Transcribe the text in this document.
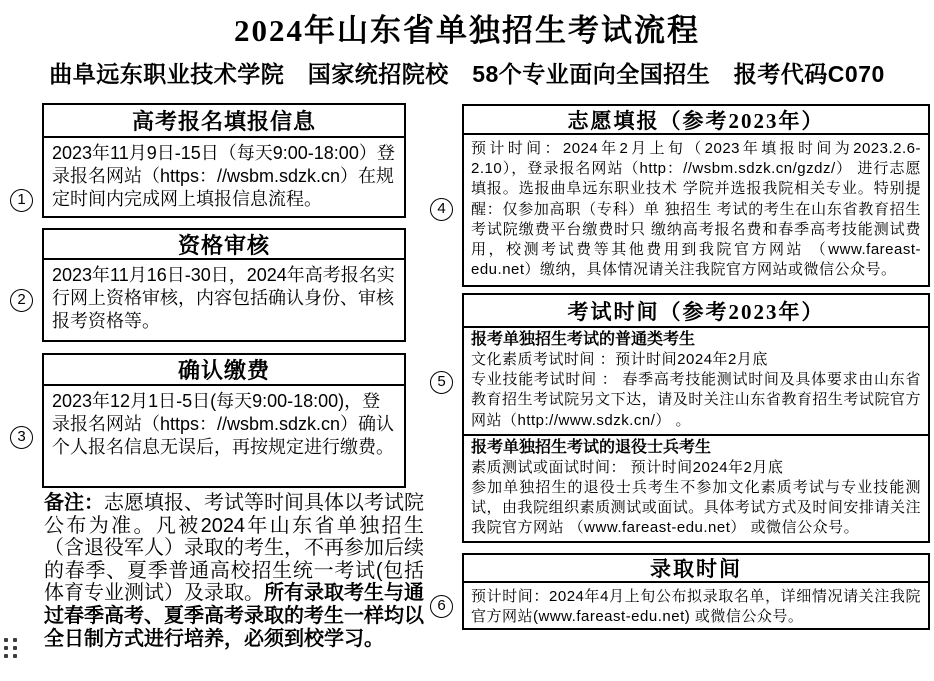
2024年山东省单独招生考试流程
曲阜远东职业技术学院　国家统招院校　58个专业面向全国招生　报考代码C070
1
2
3
4
5
6
高考报名填报信息
2023年11月9日-15日（每天9:00-18:00）登录报名网站（https：//wsbm.sdzk.cn）在规定时间内完成网上填报信息流程。
资格审核
2023年11月16日-30日，2024年高考报名实行网上资格审核，内容包括确认身份、审核报考资格等。
确认缴费
2023年12月1日-5日(每天9:00-18:00)，登录报名网站（https：//wsbm.sdzk.cn）确认个人报名信息无误后，再按规定进行缴费。

备注：志愿填报、考试等时间具体以考试院公布为准。凡被2024年山东省单独招生（含退役军人）录取的考生，不再参加后续的春季、夏季普通高校招生统一考试(包括体育专业测试）及录取。所有录取考生与通过春季高考、夏季高考录取的考生一样均以全日制方式进行培养，必须到校学习。

志愿填报（参考2023年）
预计时间：2024年2月上旬（2023年填报时间为2023.2.6-2.10），登录报名网站（http：//wsbm.sdzk.cn/gzdz/） 进行志愿填报。选报曲阜远东职业技术 学院并选报我院相关专业。特别提醒：仅参加高职（专科）单 独招生 考试的考生在山东省教育招生考试院缴费平台缴费时只 缴纳高考报名费和春季高考技能测试费用，校测考试费等其他费用到我院官方网站 （www.fareast-edu.net）缴纳，具体情况请关注我院官方网站或微信公众号。
考试时间（参考2023年）
报考单独招生考试的普通类考生
文化素质考试时间 ：预计时间2024年2月底
专业技能考试时间 ： 春季高考技能测试时间及具体要求由山东省教育招生考试院另文下达，请及时关注山东省教育招生考试院官方网站（http://www.sdzk.cn/） 。
报考单独招生考试的退役士兵考生
素质测试或面试时间： 预计时间2024年2月底
参加单独招生的退役士兵考生不参加文化素质考试与专业技能测试，由我院组织素质测试或面试。具体考试方式及时间安排请关注我院官方网站 （www.fareast-edu.net） 或微信公众号。
录取时间
预计时间：2024年4月上旬公布拟录取名单，详细情况请关注我院官方网站(www.fareast-edu.net) 或微信公众号。
